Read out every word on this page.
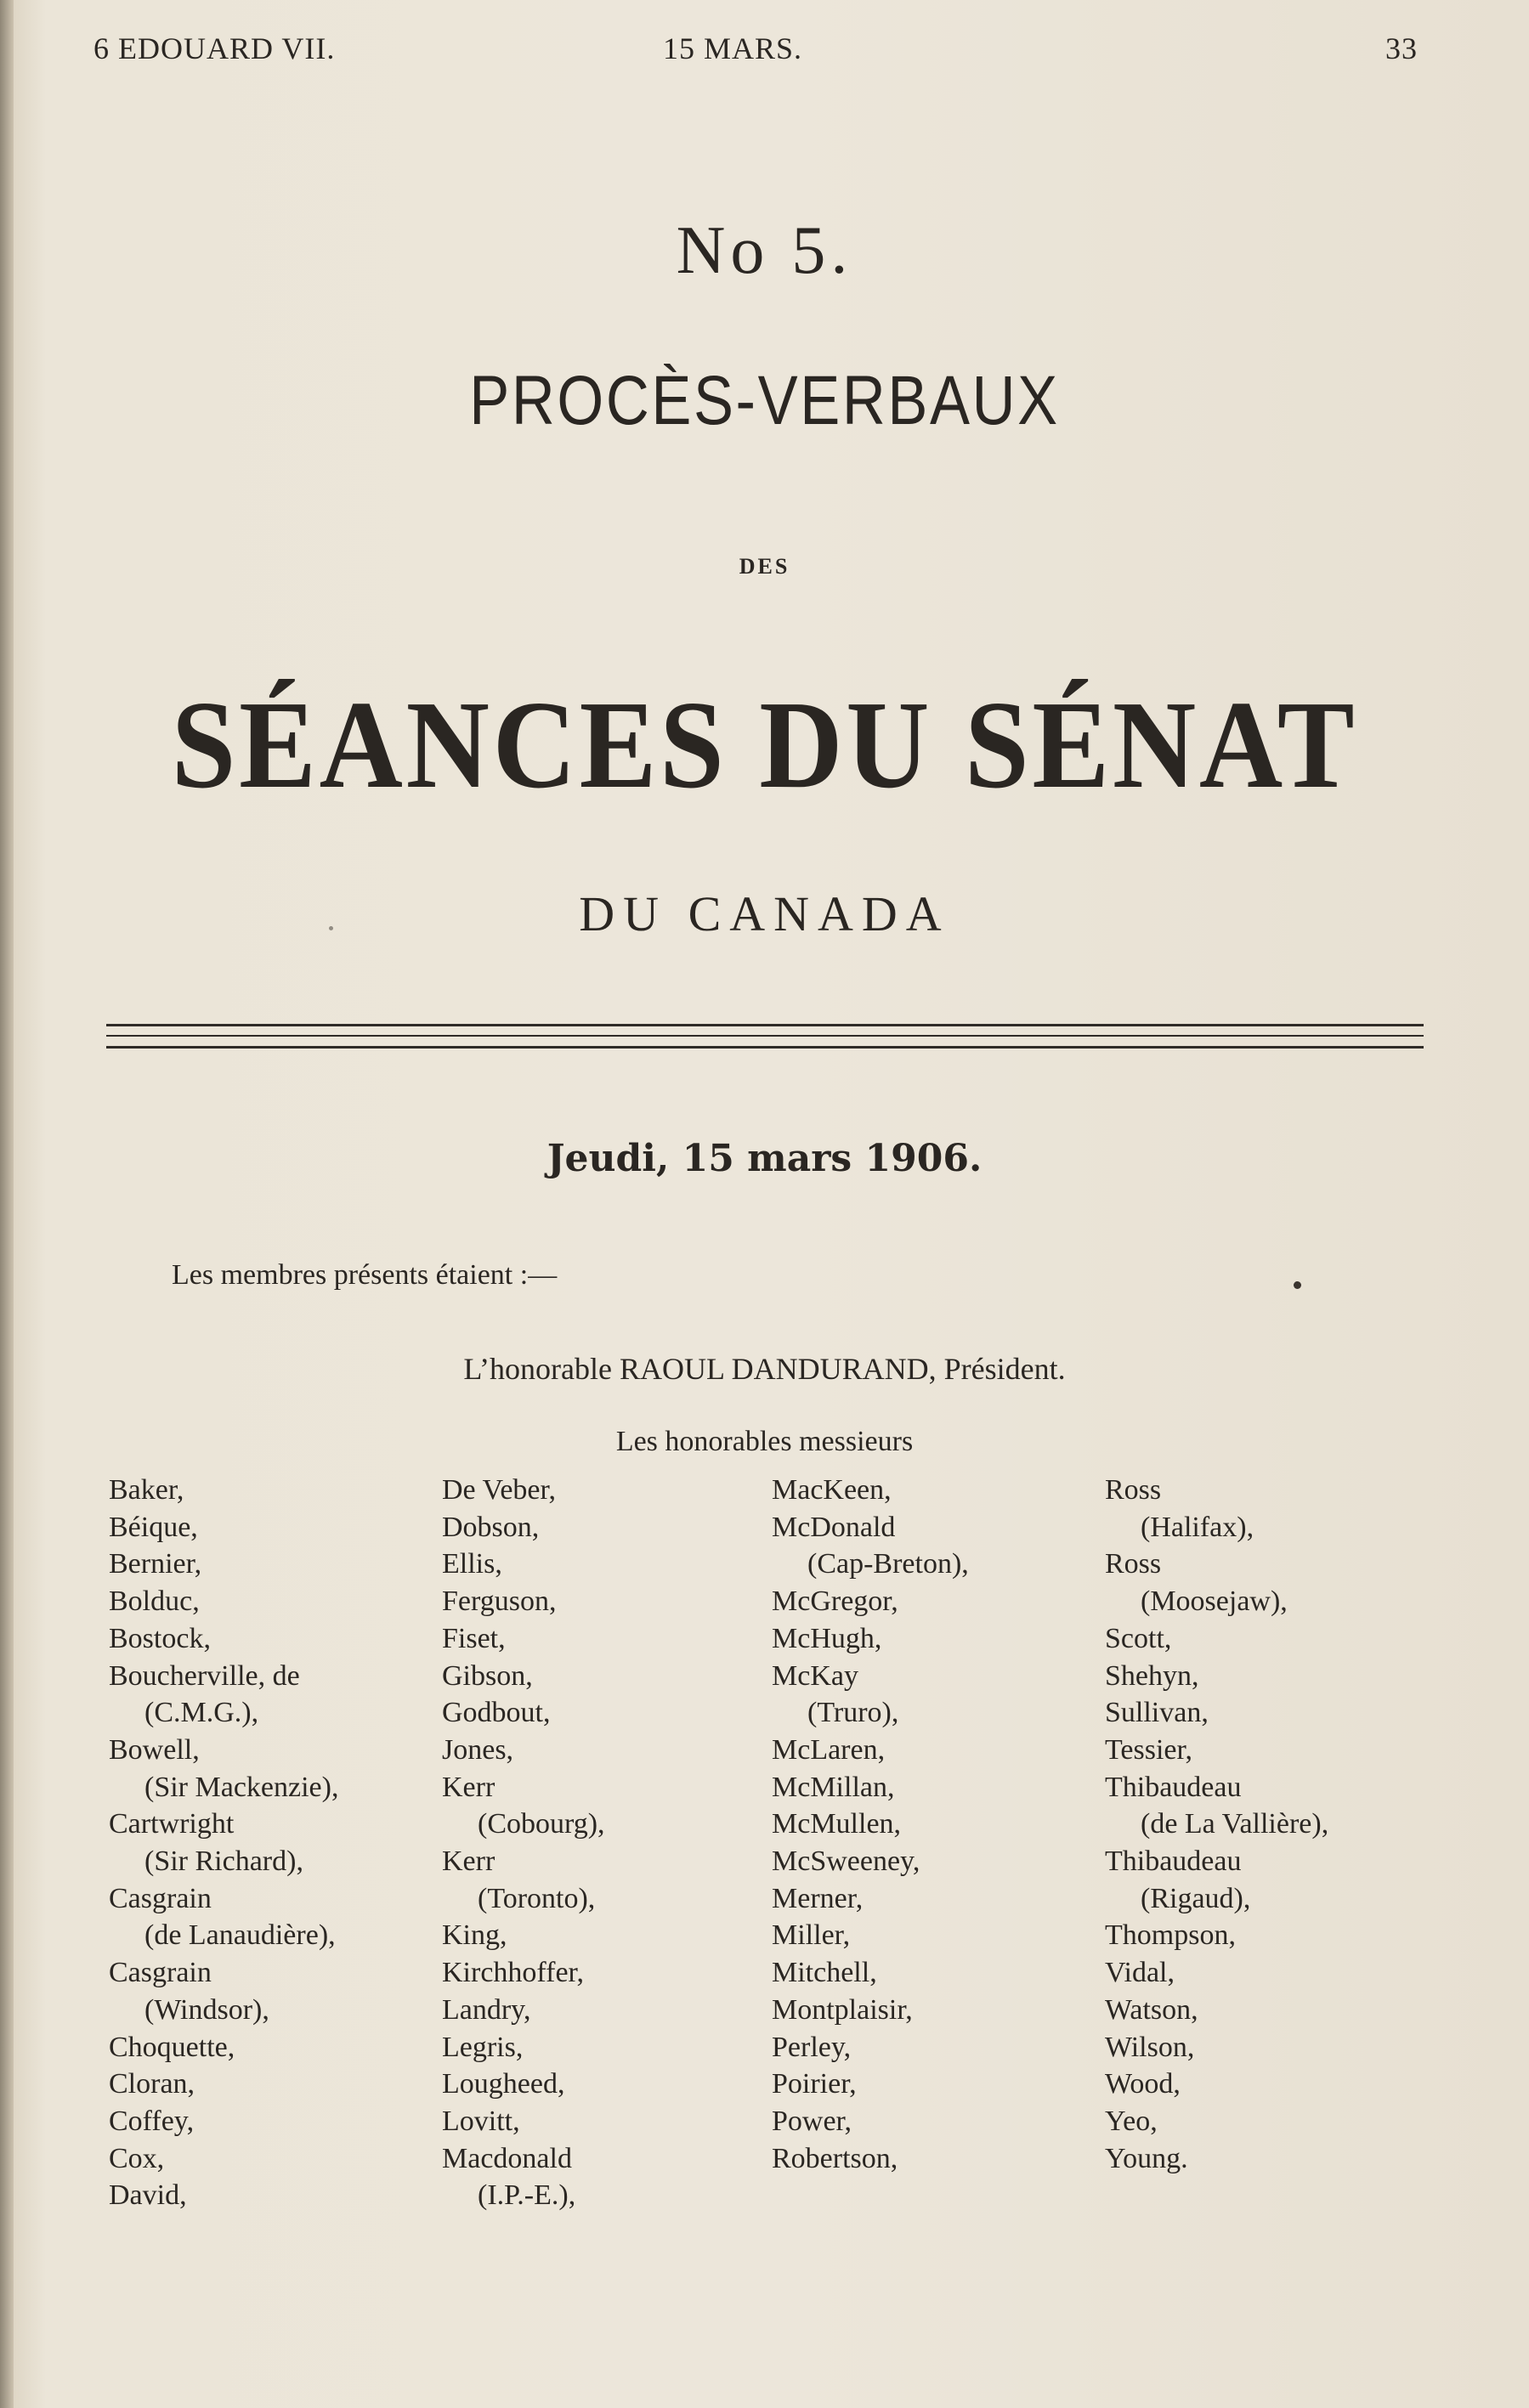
6 EDOUARD VII.	15 MARS.	33
No 5.
PROCÈS-VERBAUX
DES
SÉANCES DU SÉNAT
DU CANADA
Jeudi, 15 mars 1906.
Les membres présents étaient :—
L’honorable RAOUL DANDURAND, Président.
Les honorables messieurs
Baker,
Béique,
Bernier,
Bolduc,
Bostock,
Boucherville, de
(C.M.G.),
Bowell,
(Sir Mackenzie),
Cartwright
(Sir Richard),
Casgrain
(de Lanaudière),
Casgrain
(Windsor),
Choquette,
Cloran,
Coffey,
Cox,
David,
De Veber,
Dobson,
Ellis,
Ferguson,
Fiset,
Gibson,
Godbout,
Jones,
Kerr
(Cobourg),
Kerr
(Toronto),
King,
Kirchhoffer,
Landry,
Legris,
Lougheed,
Lovitt,
Macdonald
(I.P.-E.),
MacKeen,
McDonald
(Cap-Breton),
McGregor,
McHugh,
McKay
(Truro),
McLaren,
McMillan,
McMullen,
McSweeney,
Merner,
Miller,
Mitchell,
Montplaisir,
Perley,
Poirier,
Power,
Robertson,
Ross
(Halifax),
Ross
(Moosejaw),
Scott,
Shehyn,
Sullivan,
Tessier,
Thibaudeau
(de La Vallière),
Thibaudeau
(Rigaud),
Thompson,
Vidal,
Watson,
Wilson,
Wood,
Yeo,
Young.
